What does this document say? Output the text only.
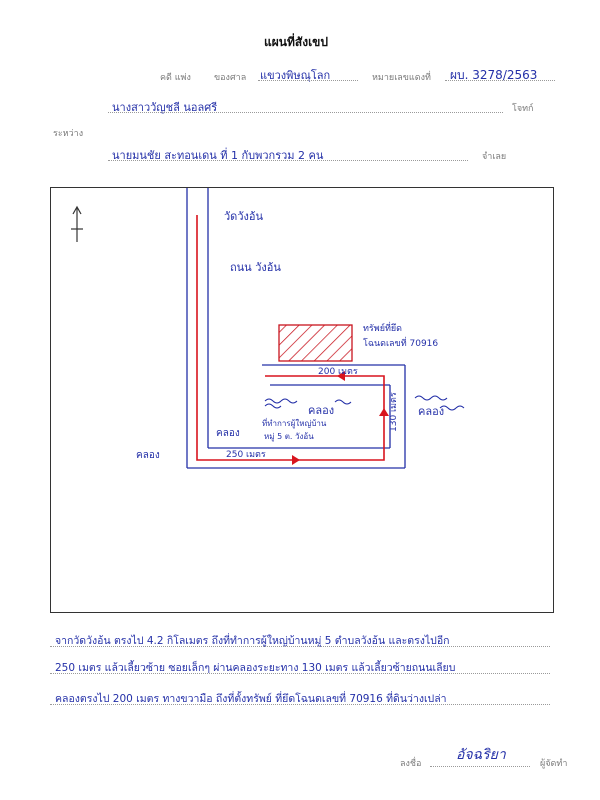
แผนที่สังเขป
คดี แพ่ง	ของศาล แขวงพิษณุโลก	หมายเลขแดงที่ ผบ. 3278/2563
นางสาววัญชลี นอลศรี	โจทก์
ระหว่าง
นายมนชัย สะทอนเดน ที่ 1 กับพวกรวม 2 คน	จำเลย
วัดวังอ้น
ถนน วังอ้น
ทรัพย์ที่ยึด
โฉนดเลขที่ 70916
200 เมตร
130 เมตร
250 เมตร
คลอง	คลอง
คลอง
คลอง
ที่ทำการผู้ใหญ่บ้าน
หมู่ 5 ต. วังอ้น
จากวัดวังอ้น ตรงไป 4.2 กิโลเมตร ถึงที่ทำการผู้ใหญ่บ้านหมู่ 5 ตำบลวังอ้น และตรงไปอีก
250 เมตร แล้วเลี้ยวซ้าย ซอยเล็กๆ ผ่านคลองระยะทาง 130 เมตร แล้วเลี้ยวซ้ายถนนเลียบ
คลองตรงไป 200 เมตร ทางขวามือ ถึงที่ตั้งทรัพย์ ที่ยึดโฉนดเลขที่ 70916 ที่ดินว่างเปล่า
ลงชื่อ
อัจฉริยา
ผู้จัดทำ
